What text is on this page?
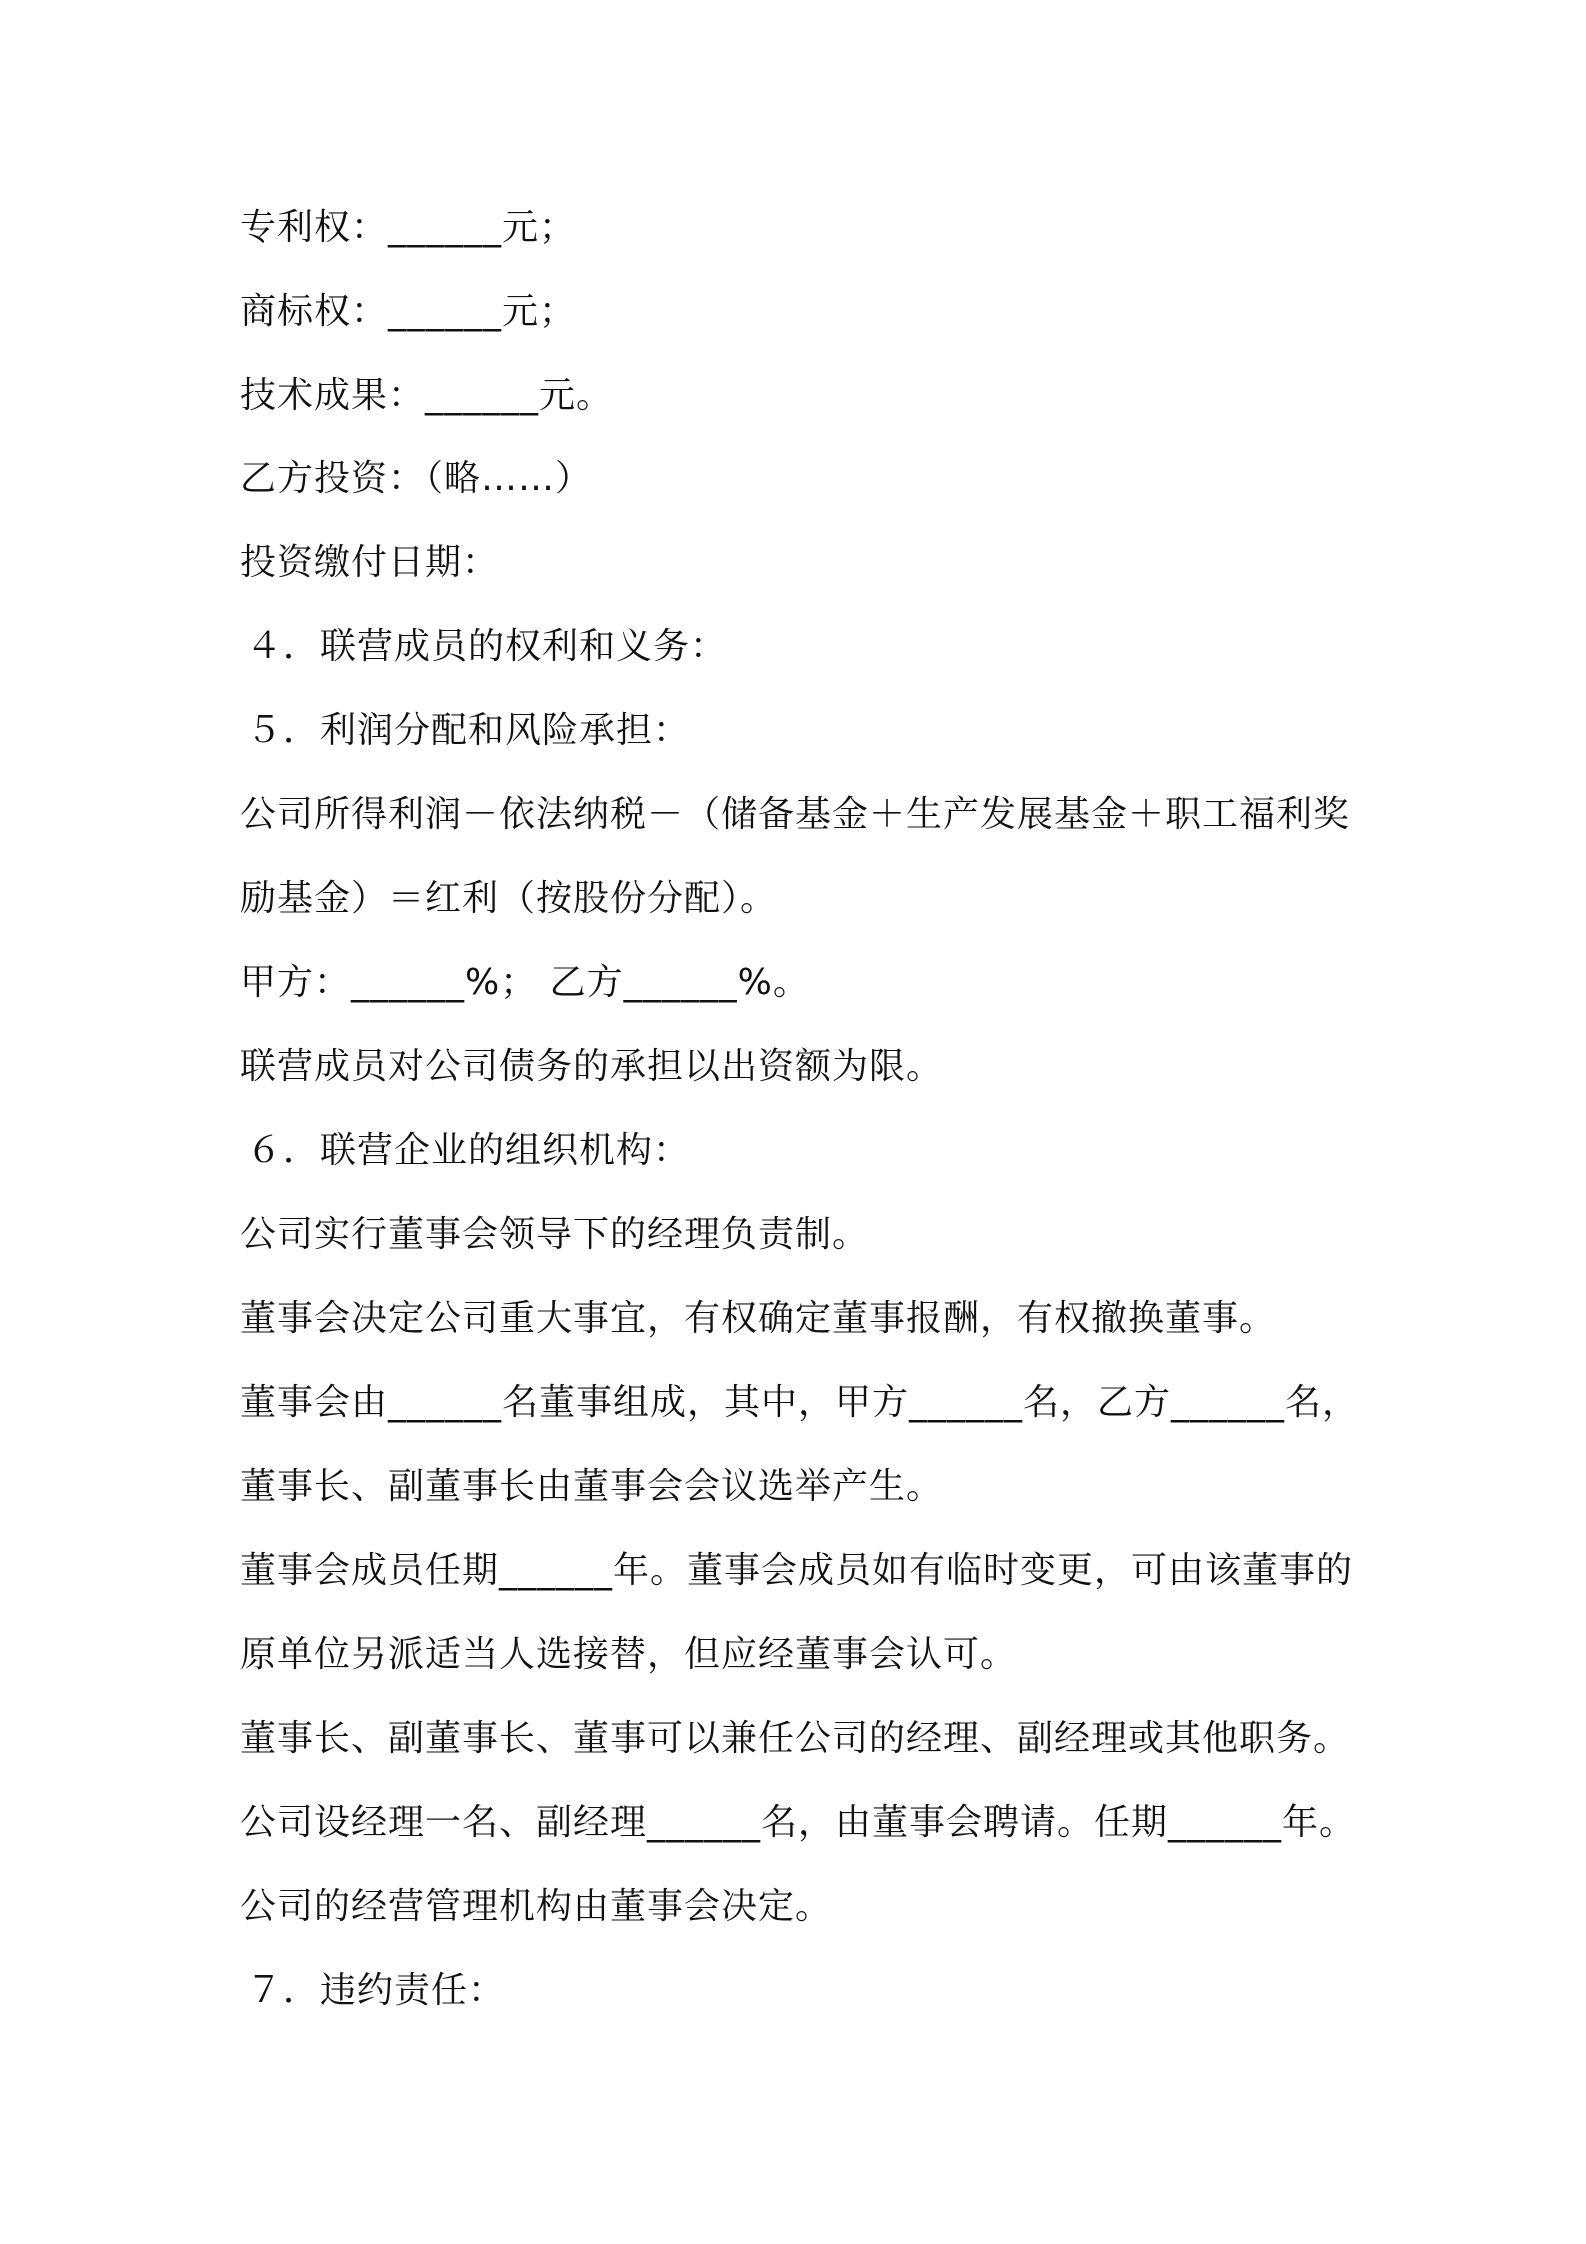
专利权：______元；
商标权：______元；
技术成果：______元。
乙方投资：（略……）
投资缴付日期：
４．联营成员的权利和义务：
５．利润分配和风险承担：
公司所得利润－依法纳税－（储备基金＋生产发展基金＋职工福利奖
励基金）＝红利（按股份分配）。
甲方：______%； 乙方______%。
联营成员对公司债务的承担以出资额为限。
６．联营企业的组织机构：
公司实行董事会领导下的经理负责制。
董事会决定公司重大事宜，有权确定董事报酬，有权撤换董事。
董事会由______名董事组成，其中，甲方______名，乙方______名，
董事长、副董事长由董事会会议选举产生。
董事会成员任期______年。董事会成员如有临时变更，可由该董事的
原单位另派适当人选接替，但应经董事会认可。
董事长、副董事长、董事可以兼任公司的经理、副经理或其他职务。
公司设经理一名、副经理______名，由董事会聘请。任期______年。
公司的经营管理机构由董事会决定。
７．违约责任：
